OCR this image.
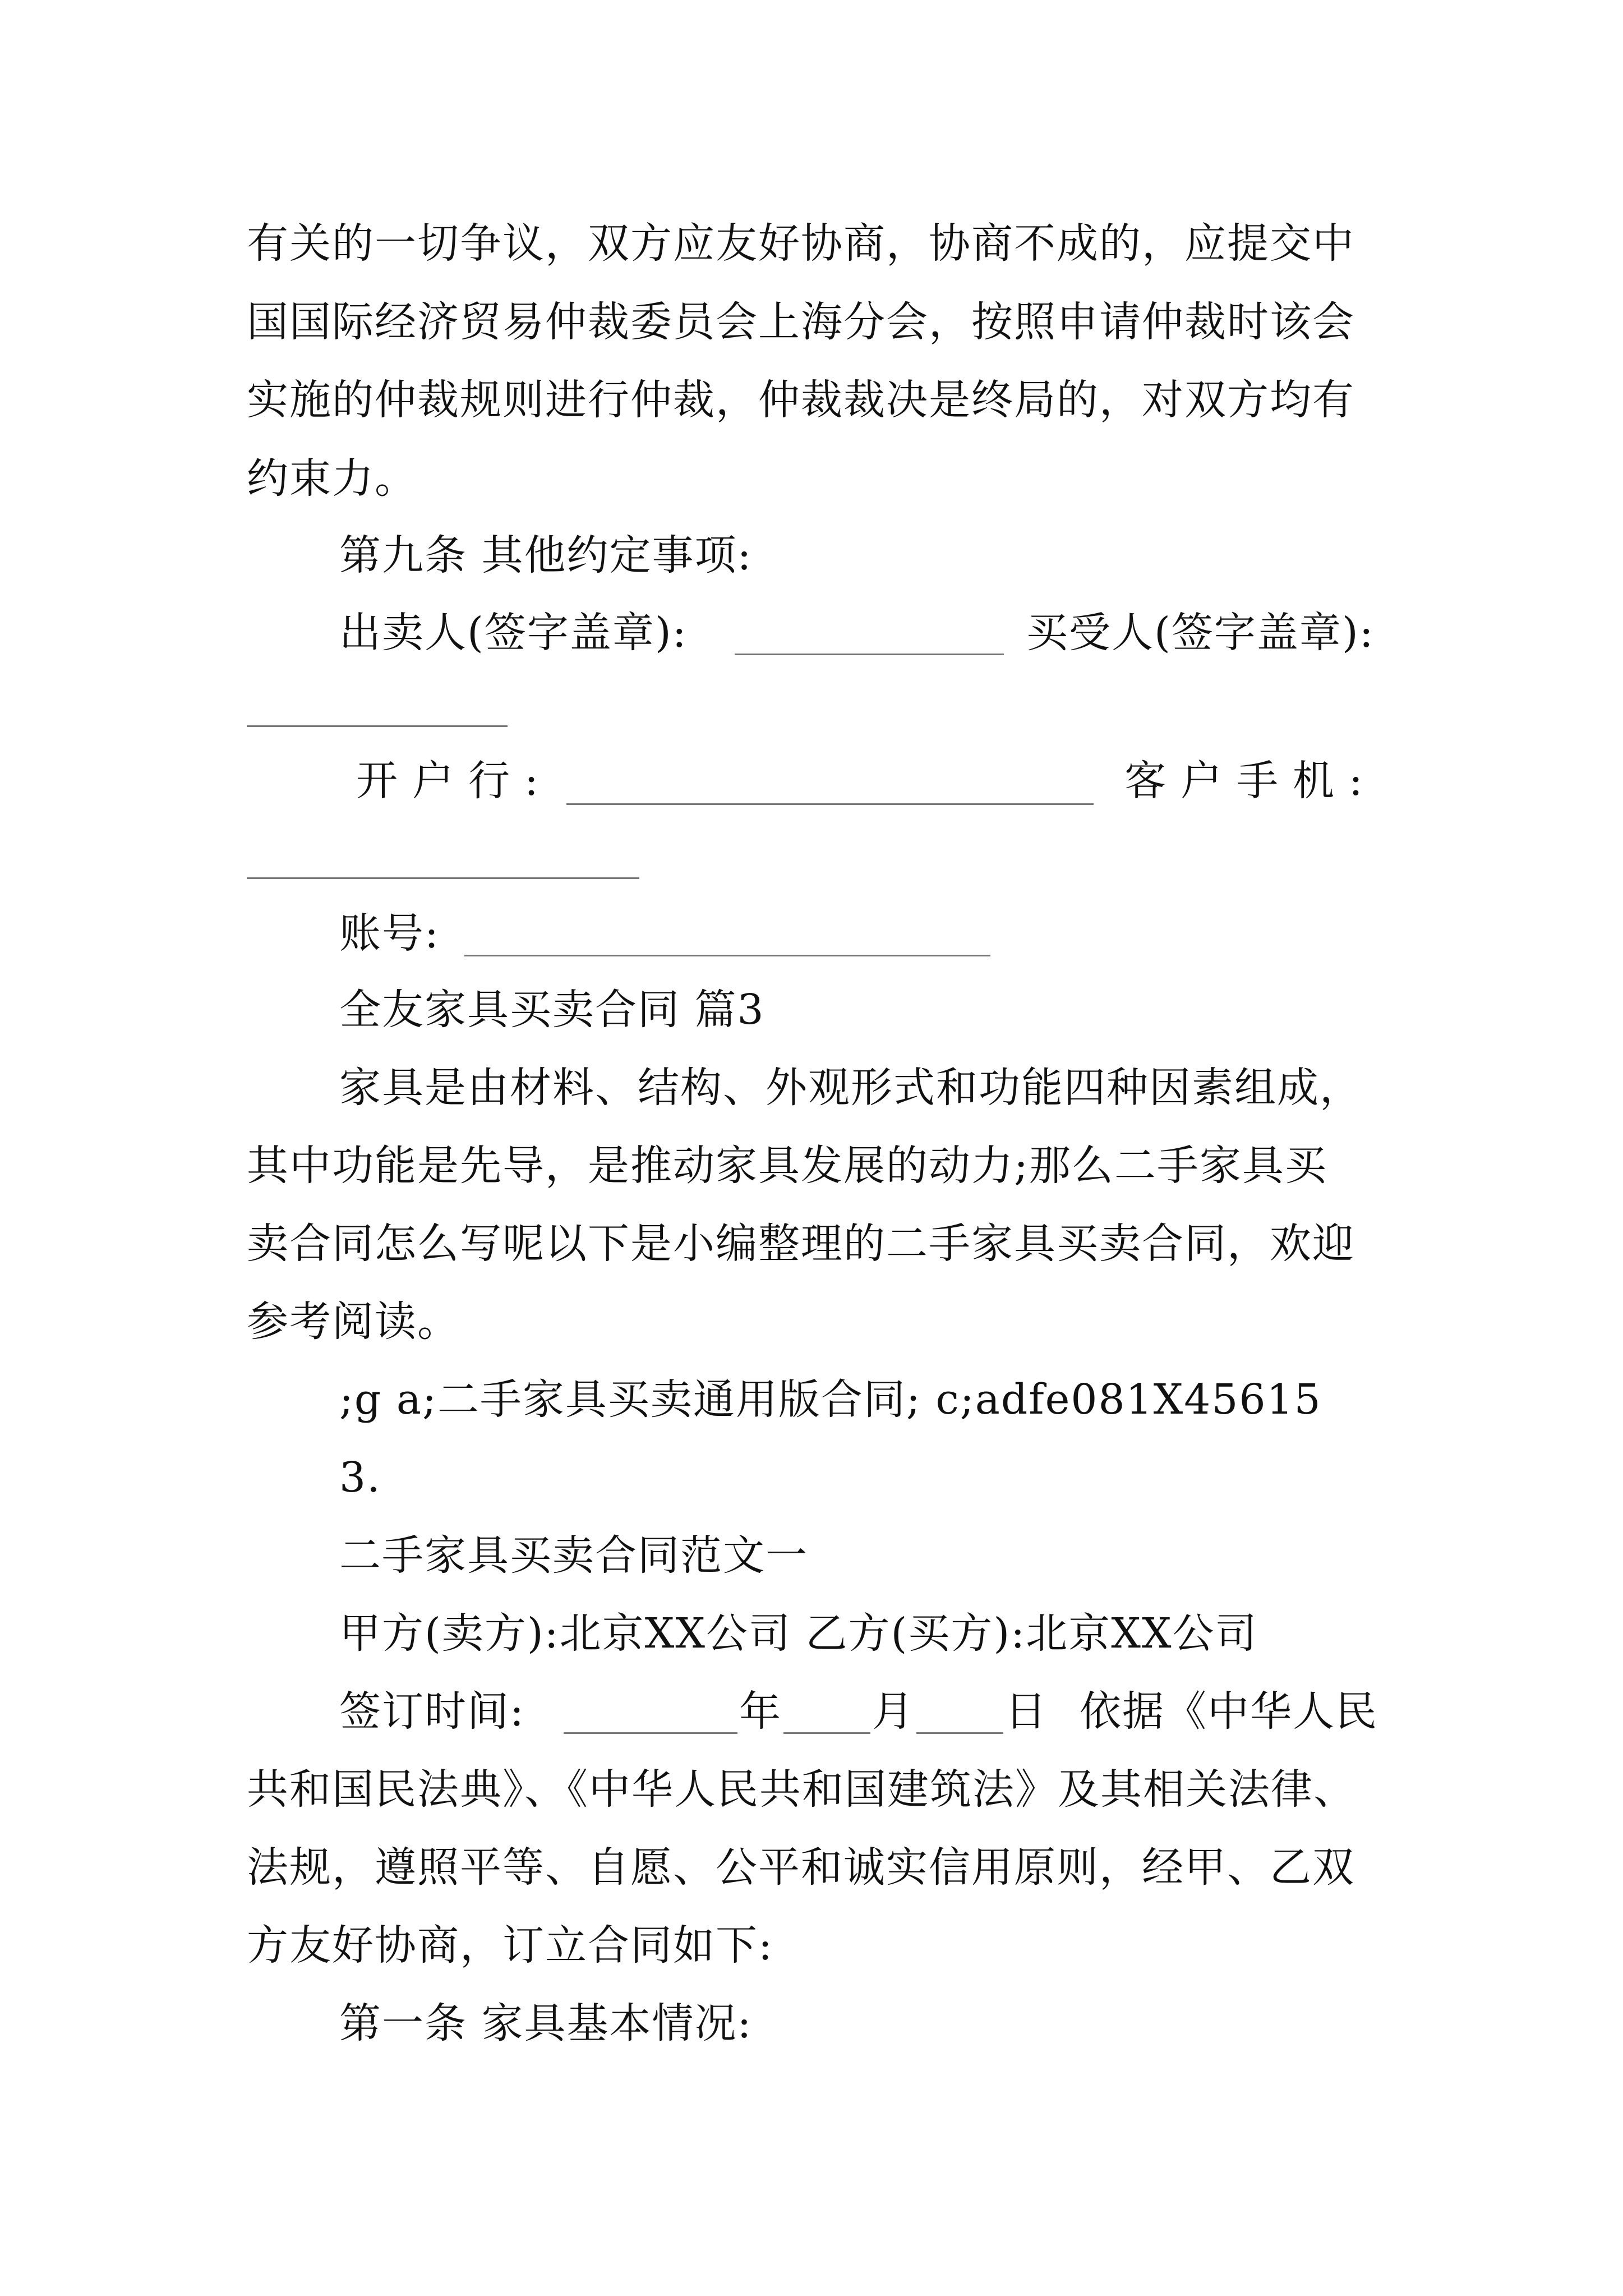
有关的一切争议，双方应友好协商，协商不成的，应提交中
国国际经济贸易仲裁委员会上海分会，按照申请仲裁时该会
实施的仲裁规则进行仲裁，仲裁裁决是终局的，对双方均有
约束力。
第九条 其他约定事项:
出卖人(签字盖章):	买受人(签字盖章):
开户行:	客户手机:
账号:
全友家具买卖合同 篇3
家具是由材料、结构、外观形式和功能四种因素组成，
其中功能是先导，是推动家具发展的动力;那么二手家具买
卖合同怎么写呢以下是小编整理的二手家具买卖合同，欢迎
参考阅读。
;g a;二手家具买卖通用版合同; c;adfe081X45615
3.
二手家具买卖合同范文一
甲方(卖方):北京XX公司 乙方(买方):北京XX公司
签订时间:	年 月 日 依据《中华人民
共和国民法典》、《中华人民共和国建筑法》及其相关法律、
法规，遵照平等、自愿、公平和诚实信用原则，经甲、乙双
方友好协商，订立合同如下:
第一条 家具基本情况:
